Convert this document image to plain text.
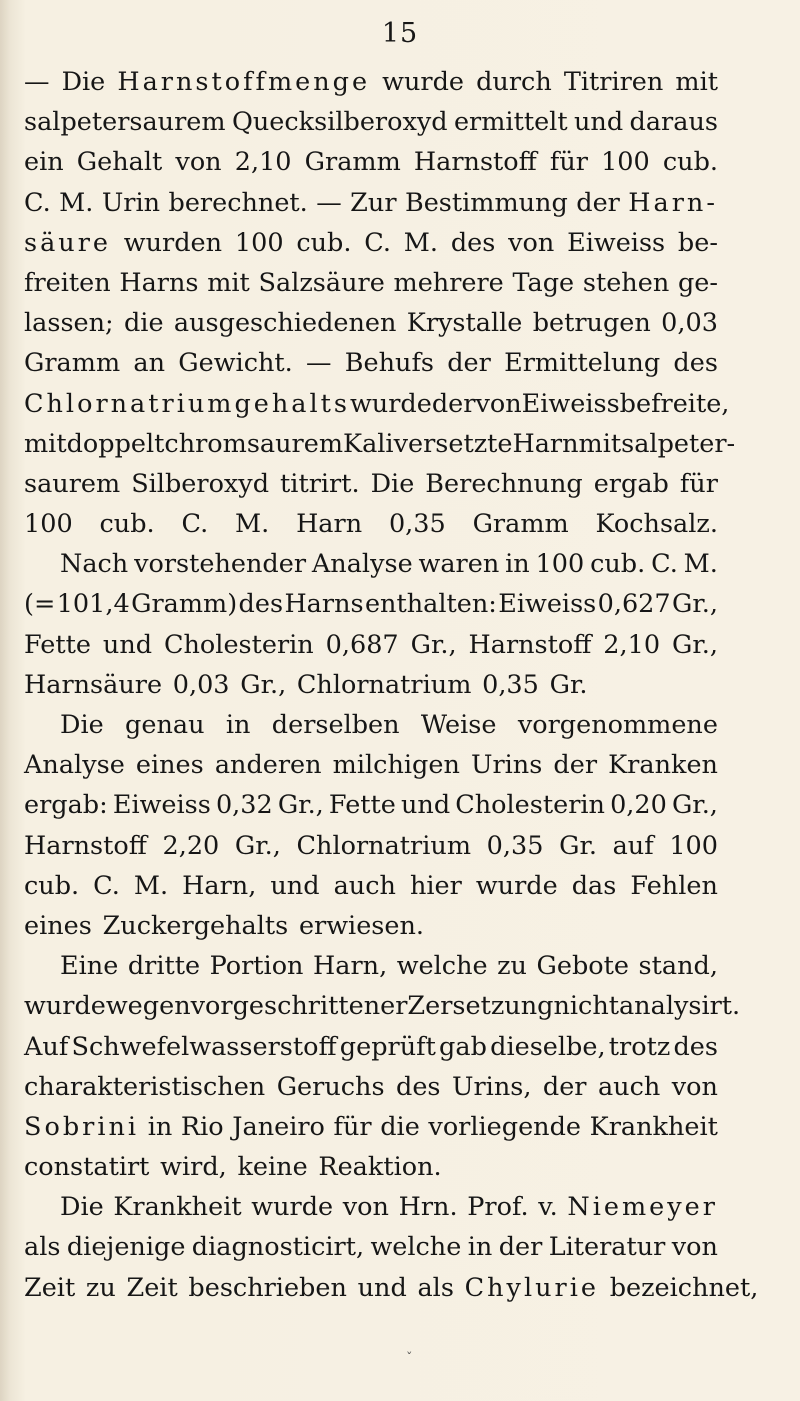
15
— Die Harnstoffmenge wurde durch Titriren mit
salpetersaurem Quecksilberoxyd ermittelt und daraus
ein Gehalt von 2,10 Gramm Harnstoff für 100 cub.
C. M. Urin berechnet. — Zur Bestimmung der Harn-
säure wurden 100 cub. C. M. des von Eiweiss be-
freiten Harns mit Salzsäure mehrere Tage stehen ge-
lassen; die ausgeschiedenen Krystalle betrugen 0,03
Gramm an Gewicht. — Behufs der Ermittelung des
Chlornatriumgehalts wurde der von Eiweiss befreite,
mit doppeltchromsaurem Kali versetzte Harn mit salpeter-
saurem Silberoxyd titrirt. Die Berechnung ergab für
100 cub. C. M. Harn 0,35 Gramm Kochsalz.
Nach vorstehender Analyse waren in 100 cub. C. M.
(= 101,4 Gramm) des Harns enthalten: Eiweiss 0,627 Gr.,
Fette und Cholesterin 0,687 Gr., Harnstoff 2,10 Gr.,
Harnsäure 0,03 Gr., Chlornatrium 0,35 Gr.
Die genau in derselben Weise vorgenommene
Analyse eines anderen milchigen Urins der Kranken
ergab: Eiweiss 0,32 Gr., Fette und Cholesterin 0,20 Gr.,
Harnstoff 2,20 Gr., Chlornatrium 0,35 Gr. auf 100
cub. C. M. Harn, und auch hier wurde das Fehlen
eines Zuckergehalts erwiesen.
Eine dritte Portion Harn, welche zu Gebote stand,
wurde wegen vorgeschrittener Zersetzung nicht analysirt.
Auf Schwefelwasserstoff geprüft gab dieselbe, trotz des
charakteristischen Geruchs des Urins, der auch von
Sobrini in Rio Janeiro für die vorliegende Krankheit
constatirt wird, keine Reaktion.
Die Krankheit wurde von Hrn. Prof. v. Niemeyer
als diejenige diagnosticirt, welche in der Literatur von
Zeit zu Zeit beschrieben und als Chylurie bezeichnet,
ˇ
